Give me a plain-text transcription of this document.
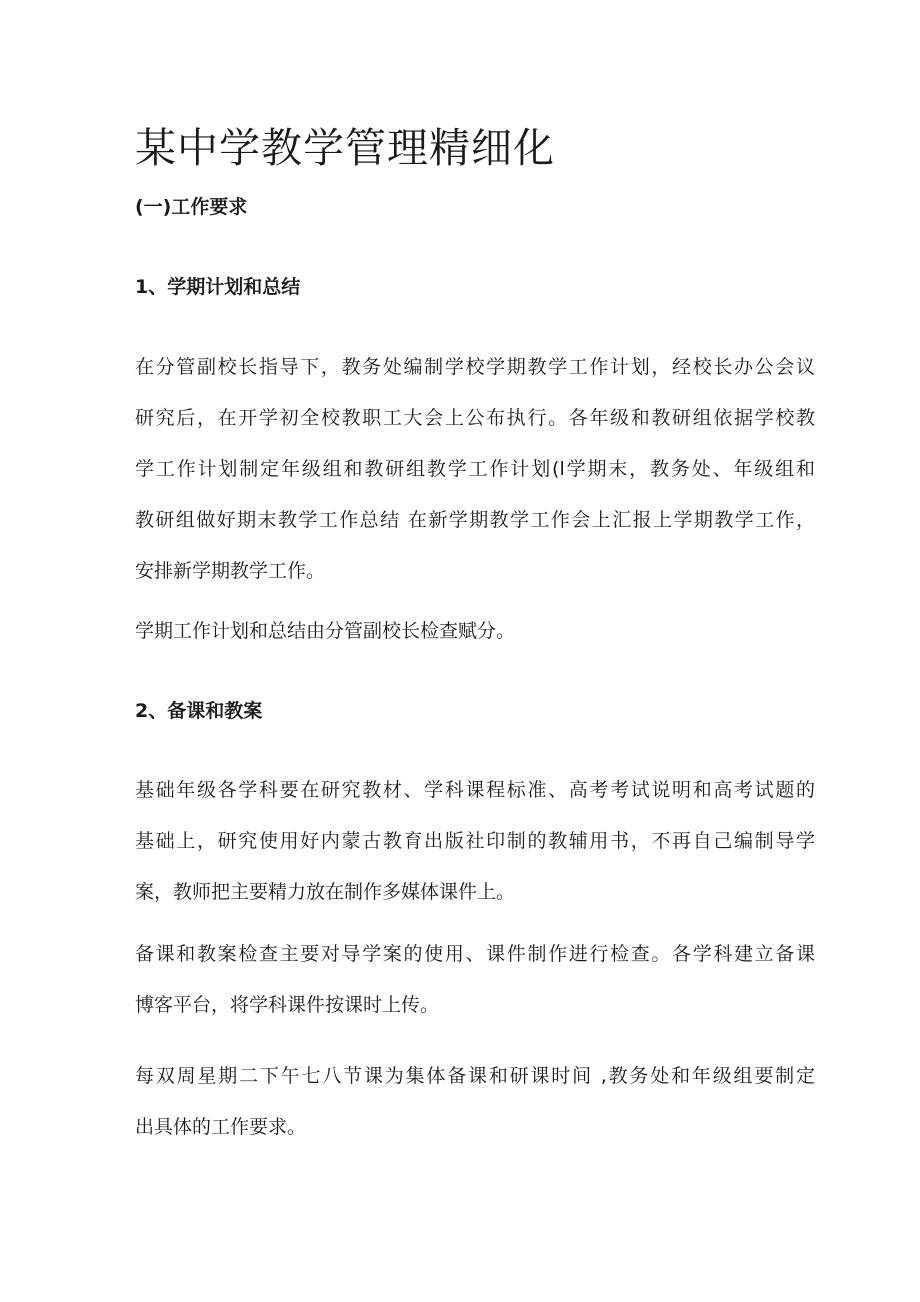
某中学教学管理精细化
(一)工作要求
1、学期计划和总结
在分管副校长指导下，教务处编制学校学期教学工作计划，经校长办公会议
研究后，在开学初全校教职工大会上公布执行。各年级和教研组依据学校教
学工作计划制定年级组和教研组教学工作计划(l学期末，教务处、年级组和
教研组做好期末教学工作总结 在新学期教学工作会上汇报上学期教学工作，
安排新学期教学工作。
学期工作计划和总结由分管副校长检查赋分。
2、备课和教案
基础年级各学科要在研究教材、学科课程标准、高考考试说明和高考试题的
基础上，研究使用好内蒙古教育出版社印制的教辅用书，不再自己编制导学
案，教师把主要精力放在制作多媒体课件上。
备课和教案检查主要对导学案的使用、课件制作进行检查。各学科建立备课
博客平台，将学科课件按课时上传。
每双周星期二下午七八节课为集体备课和研课时间 ,教务处和年级组要制定
出具体的工作要求。
